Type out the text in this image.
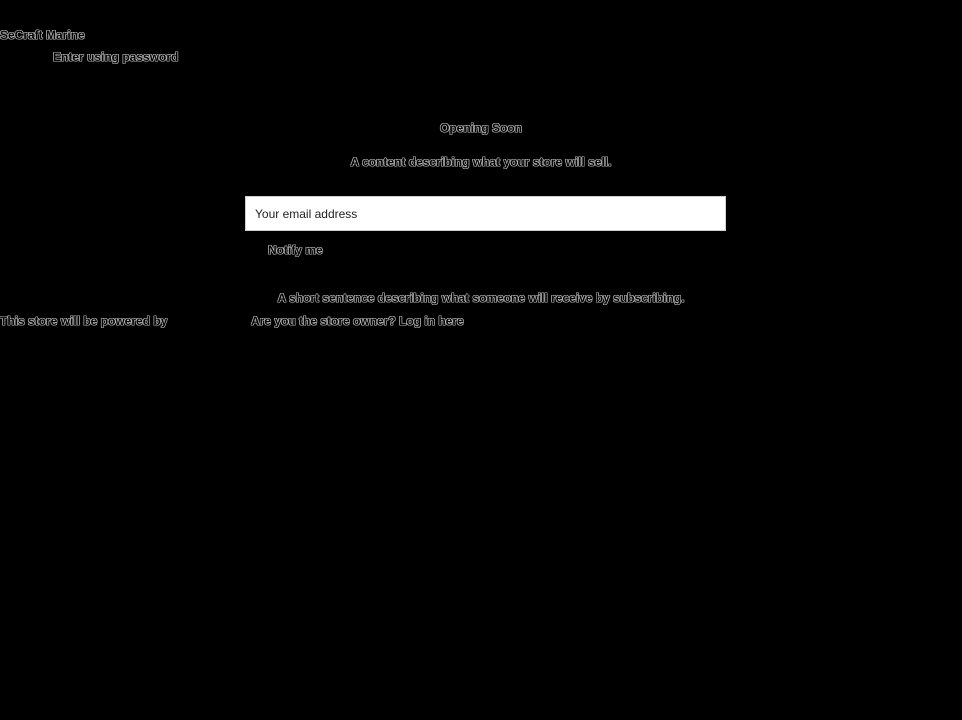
SeCraft Marine
Enter using password
Opening Soon
A content describing what your store will sell.
Your email address
Notify me
A short sentence describing what someone will receive by subscribing.
This store will be powered by	Are you the store owner? Log in here
